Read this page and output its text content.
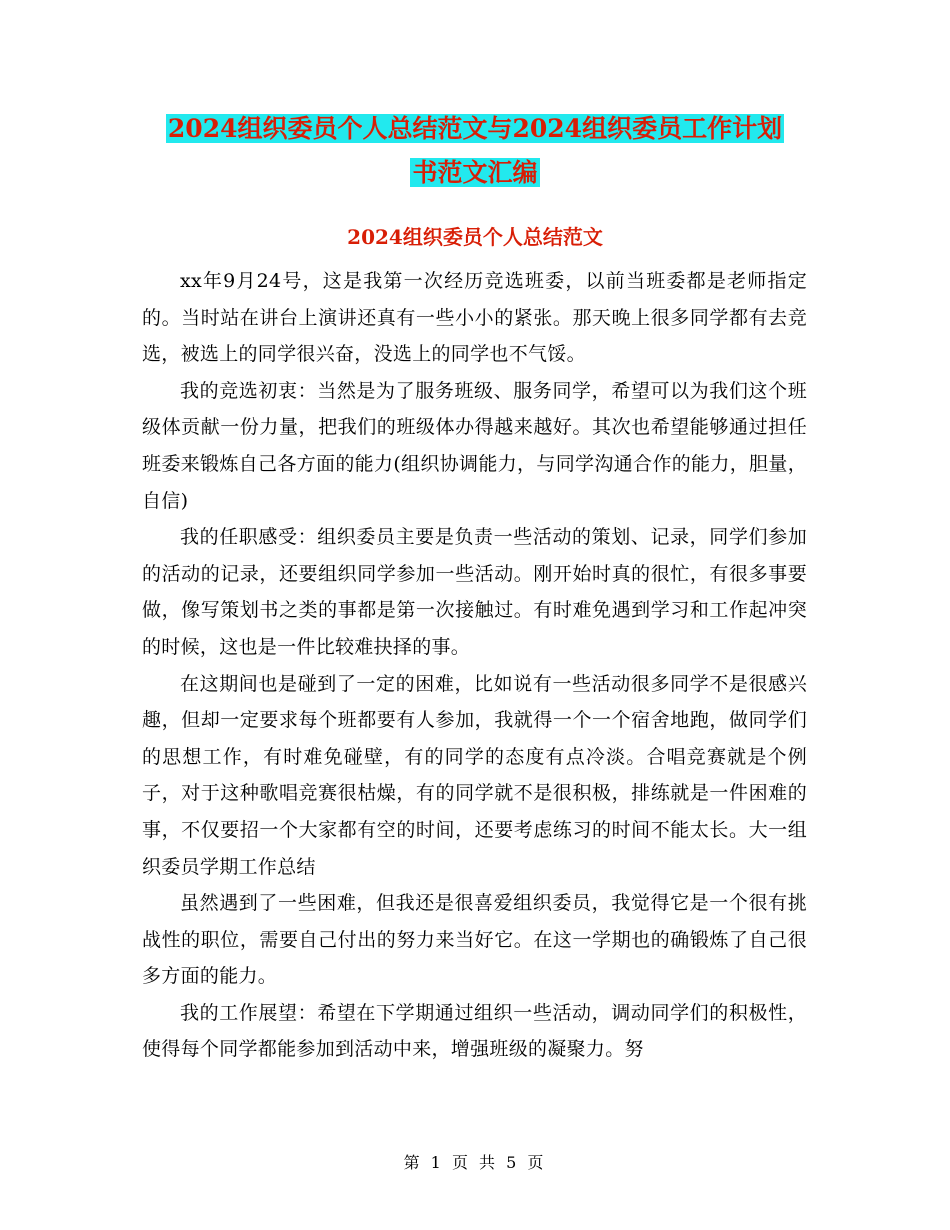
2024组织委员个人总结范文与2024组织委员工作计划
书范文汇编
2024组织委员个人总结范文

xx年9月24号，这是我第一次经历竞选班委，以前当班委都是老师指定的。当时站在讲台上演讲还真有一些小小的紧张。那天晚上很多同学都有去竞选，被选上的同学很兴奋，没选上的同学也不气馁。

我的竞选初衷：当然是为了服务班级、服务同学，希望可以为我们这个班级体贡献一份力量，把我们的班级体办得越来越好。其次也希望能够通过担任班委来锻炼自己各方面的能力(组织协调能力，与同学沟通合作的能力，胆量，自信)

我的任职感受：组织委员主要是负责一些活动的策划、记录，同学们参加的活动的记录，还要组织同学参加一些活动。刚开始时真的很忙，有很多事要做，像写策划书之类的事都是第一次接触过。有时难免遇到学习和工作起冲突的时候，这也是一件比较难抉择的事。

在这期间也是碰到了一定的困难，比如说有一些活动很多同学不是很感兴趣，但却一定要求每个班都要有人参加，我就得一个一个宿舍地跑，做同学们的思想工作，有时难免碰壁，有的同学的态度有点冷淡。合唱竞赛就是个例子，对于这种歌唱竞赛很枯燥，有的同学就不是很积极，排练就是一件困难的事，不仅要招一个大家都有空的时间，还要考虑练习的时间不能太长。大一组织委员学期工作总结

虽然遇到了一些困难，但我还是很喜爱组织委员，我觉得它是一个很有挑战性的职位，需要自己付出的努力来当好它。在这一学期也的确锻炼了自己很多方面的能力。

我的工作展望：希望在下学期通过组织一些活动，调动同学们的积极性，使得每个同学都能参加到活动中来，增强班级的凝聚力。努

第 1 页 共 5 页
